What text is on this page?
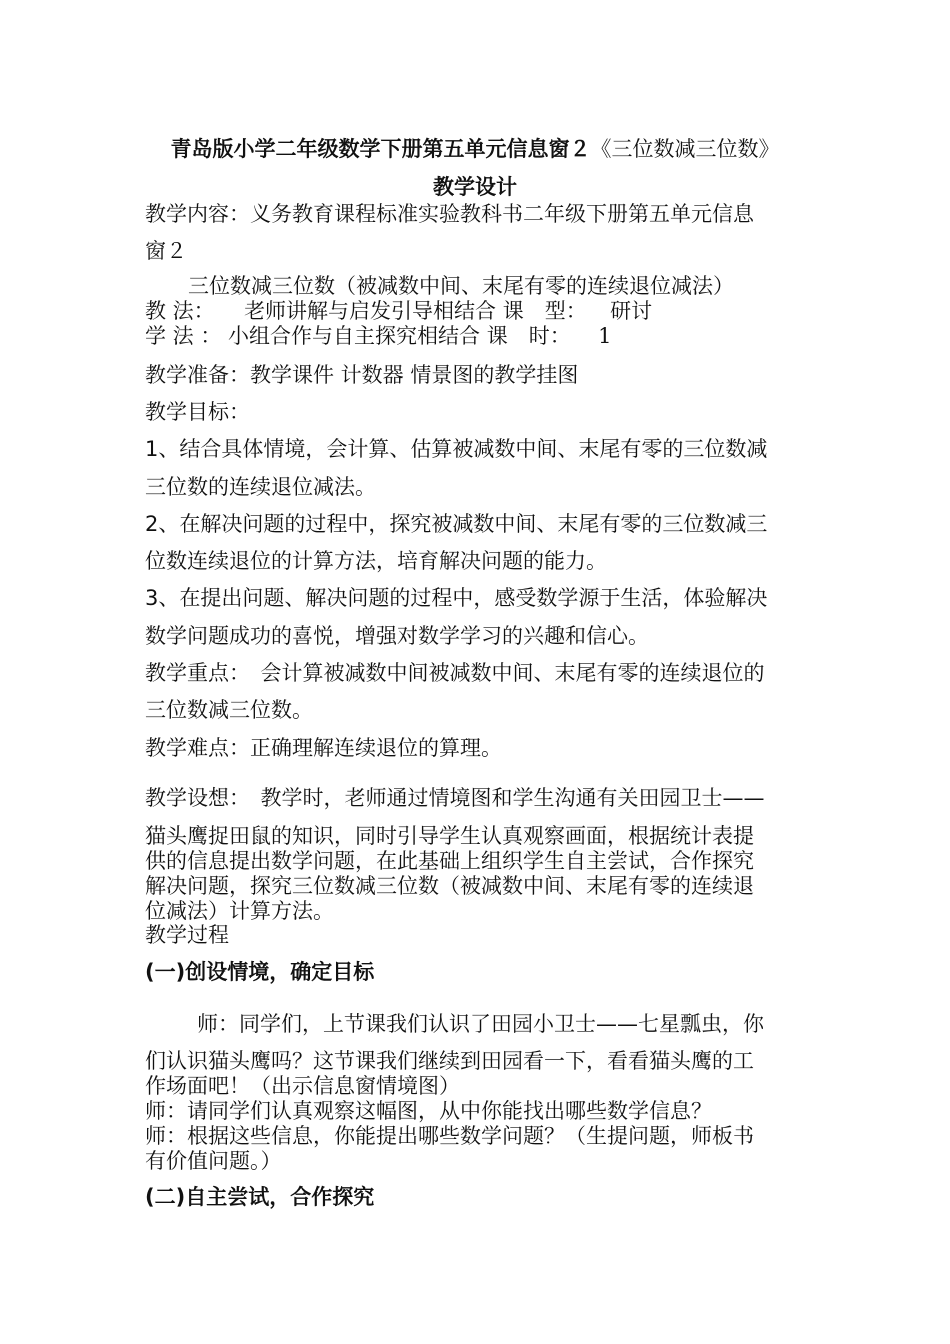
青岛版小学二年级数学下册第五单元信息窗２《三位数减三位数》
教学设计
教学内容：义务教育课程标准实验教科书二年级下册第五单元信息
窗２
三位数减三位数（被减数中间、末尾有零的连续退位减法）
教 法： 老师讲解与启发引导相结合 课　型： 研讨
学 法 ： 小组合作与自主探究相结合 课　时： 1
教学准备：教学课件 计数器 情景图的教学挂图
教学目标：
1、结合具体情境，会计算、估算被减数中间、末尾有零的三位数减
三位数的连续退位减法。
2、在解决问题的过程中，探究被减数中间、末尾有零的三位数减三
位数连续退位的计算方法，培育解决问题的能力。
3、在提出问题、解决问题的过程中，感受数学源于生活，体验解决
数学问题成功的喜悦，增强对数学学习的兴趣和信心。
教学重点：　会计算被减数中间被减数中间、末尾有零的连续退位的
三位数减三位数。
教学难点：正确理解连续退位的算理。
教学设想：　教学时，老师通过情境图和学生沟通有关田园卫士——
猫头鹰捉田鼠的知识，同时引导学生认真观察画面，根据统计表提
供的信息提出数学问题，在此基础上组织学生自主尝试，合作探究
解决问题，探究三位数减三位数（被减数中间、末尾有零的连续退
位减法）计算方法。
教学过程
(一)创设情境，确定目标
师：同学们，上节课我们认识了田园小卫士——七星瓢虫，你
们认识猫头鹰吗？这节课我们继续到田园看一下，看看猫头鹰的工
作场面吧！（出示信息窗情境图）
师：请同学们认真观察这幅图，从中你能找出哪些数学信息？
师：根据这些信息，你能提出哪些数学问题？（生提问题，师板书
有价值问题。）
(二)自主尝试，合作探究
